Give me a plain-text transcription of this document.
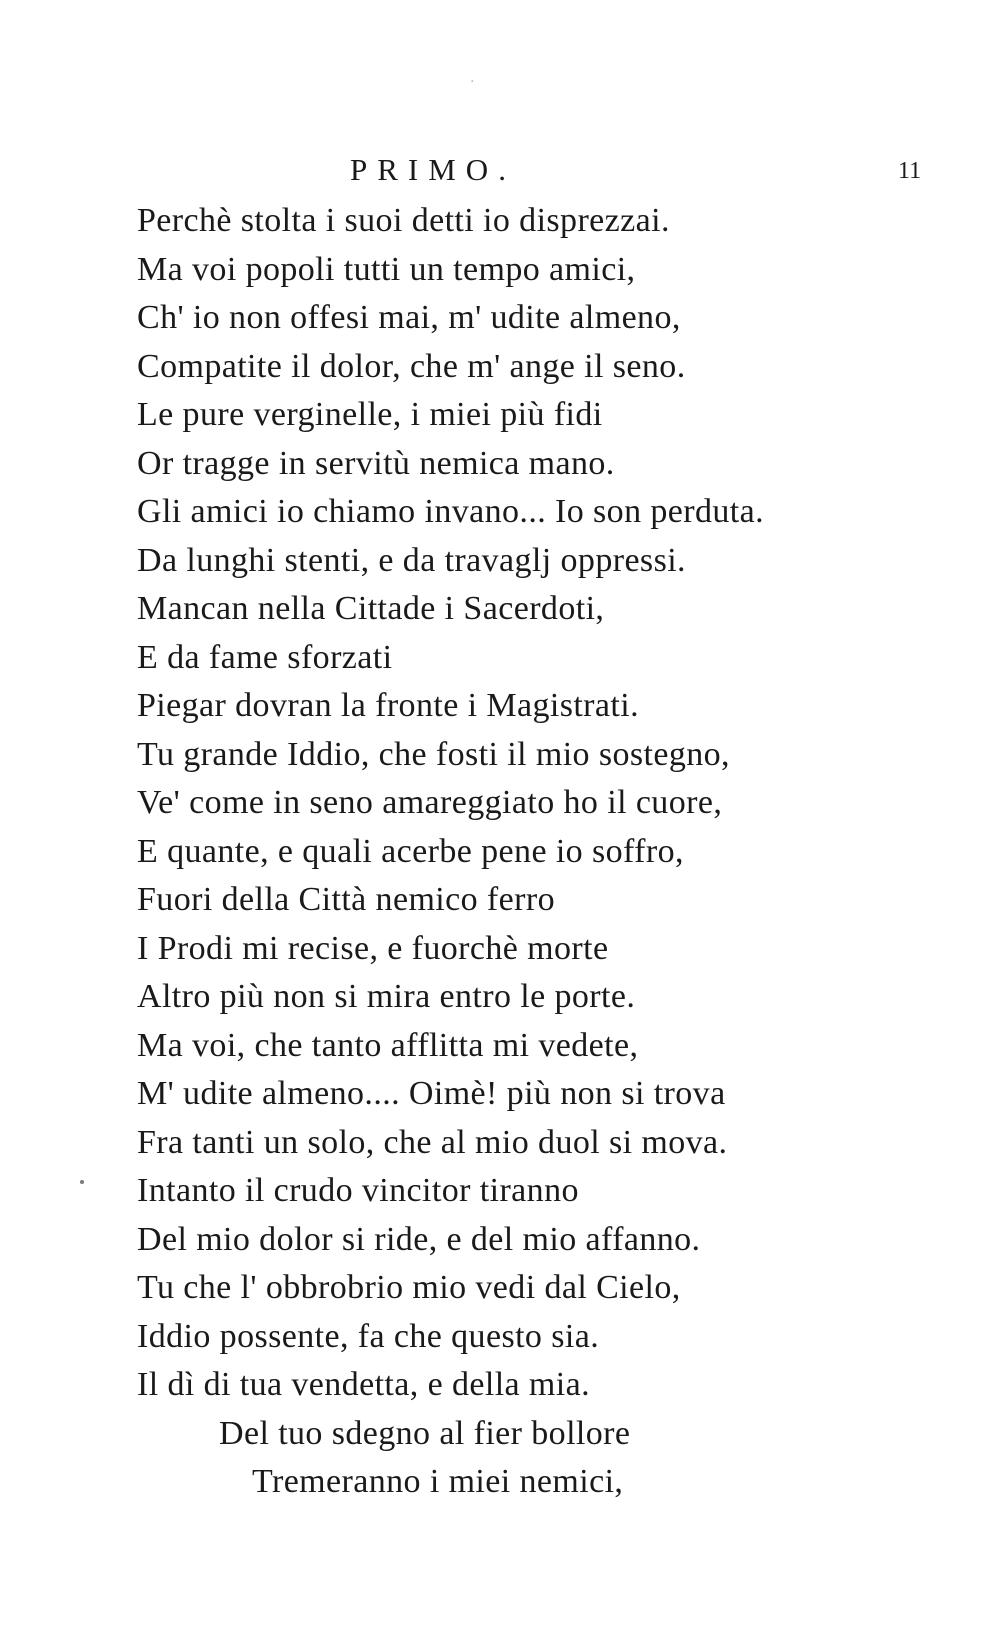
·
PRIMO.	11
Perchè stolta i suoi detti io disprezzai.
Ma voi popoli tutti un tempo amici,
Ch' io non offesi mai, m' udite almeno,
Compatite il dolor, che m' ange il seno.
Le pure verginelle, i miei più fidi
Or tragge in servitù nemica mano.
Gli amici io chiamo invano... Io son perduta.
Da lunghi stenti, e da travaglj oppressi.
Mancan nella Cittade i Sacerdoti,
E da fame sforzati
Piegar dovran la fronte i Magistrati.
Tu grande Iddio, che fosti il mio sostegno,
Ve' come in seno amareggiato ho il cuore,
E quante, e quali acerbe pene io soffro,
Fuori della Città nemico ferro
I Prodi mi recise, e fuorchè morte
Altro più non si mira entro le porte.
Ma voi, che tanto afflitta mi vedete,
M' udite almeno.... Oimè! più non si trova
Fra tanti un solo, che al mio duol si mova.
Intanto il crudo vincitor tiranno
Del mio dolor si ride, e del mio affanno.
Tu che l' obbrobrio mio vedi dal Cielo,
Iddio possente, fa che questo sia.
Il dì di tua vendetta, e della mia.
Del tuo sdegno al fier bollore
Tremeranno i miei nemici,
